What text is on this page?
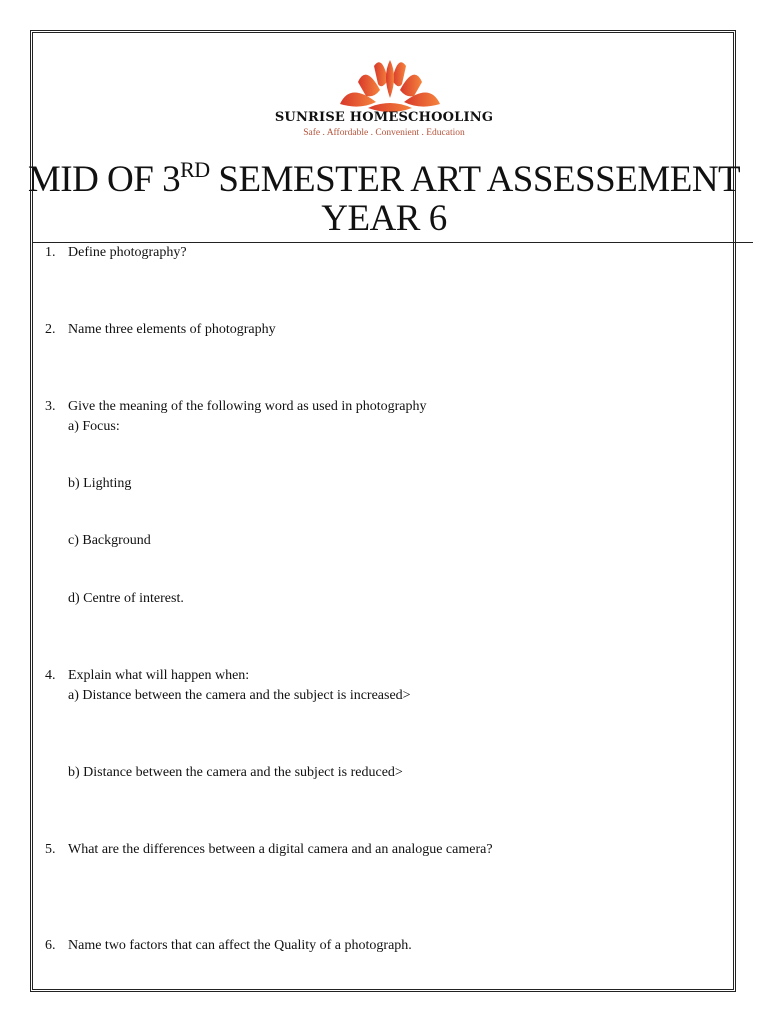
SUNRISE HOMESCHOOLING
Safe . Affordable . Convenient . Education
MID OF 3RD SEMESTER ART ASSESSEMENT
YEAR 6
1. Define photography?
2. Name three elements of photography
3. Give the meaning of the following word as used in photography
a) Focus:
b) Lighting
c) Background
d) Centre of interest.
4. Explain what will happen when:
a) Distance between the camera and the subject is increased>
b) Distance between the camera and the subject is reduced>
5. What are the differences between a digital camera and an analogue camera?
6. Name two factors that can affect the Quality of a photograph.
